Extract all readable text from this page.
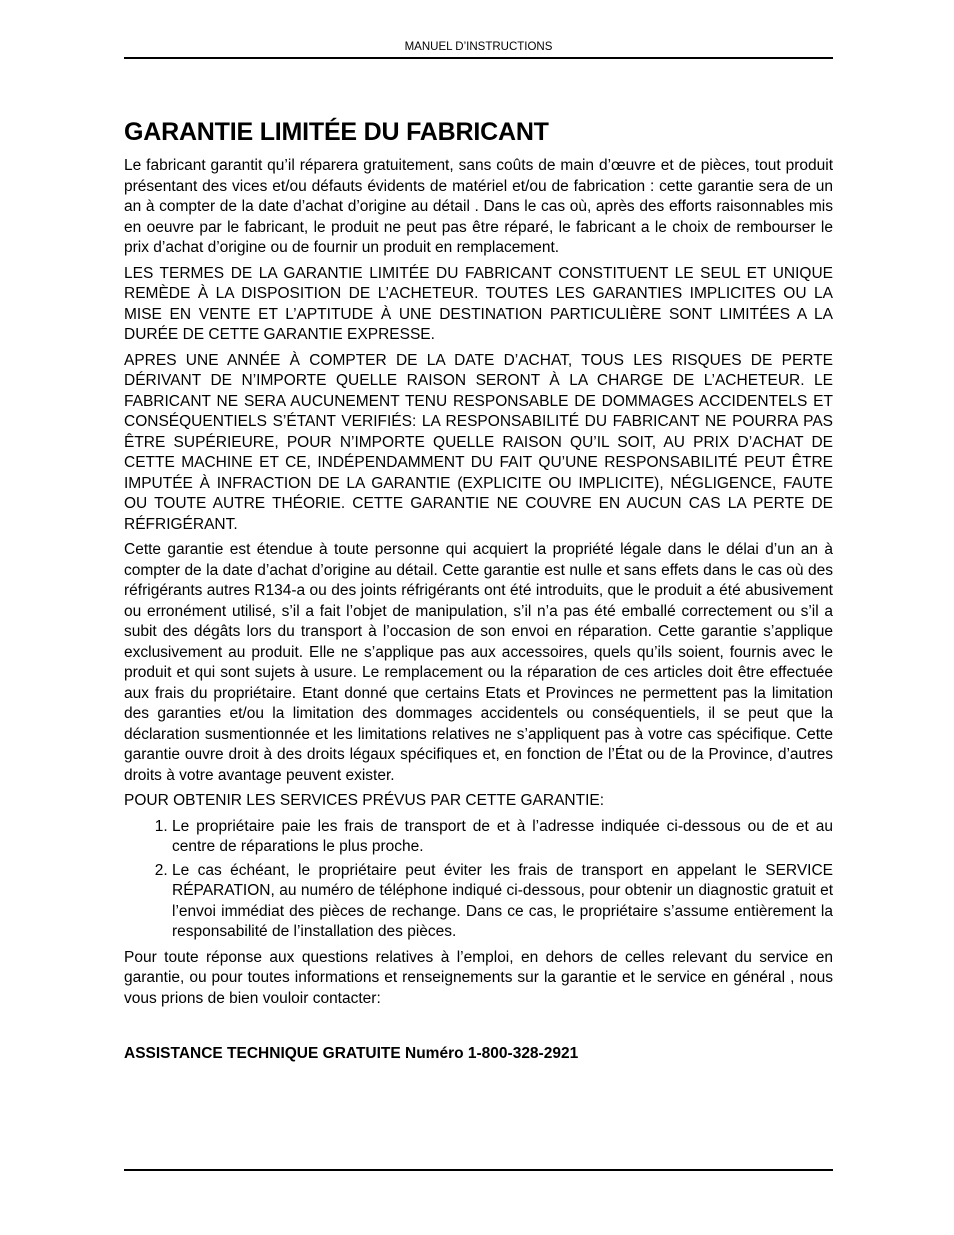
MANUEL D’INSTRUCTIONS
GARANTIE LIMITÉE DU FABRICANT

Le fabricant garantit qu’il réparera gratuitement, sans coûts de main d’œuvre et de pièces, tout produit présentant des vices et/ou défauts évidents de matériel et/ou de fabrication : cette garantie sera de un an à compter de la date d’achat d’origine au détail . Dans le cas où, après des efforts raisonnables mis en oeuvre par le fabricant, le produit ne peut pas être réparé, le fabricant a le choix de rembourser le prix d’achat d’origine ou de fournir un produit en remplacement.

LES TERMES DE LA GARANTIE LIMITÉE DU FABRICANT CONSTITUENT LE SEUL ET UNIQUE REMÈDE À LA DISPOSITION DE L’ACHETEUR. TOUTES LES GARANTIES IMPLICITES OU LA MISE EN VENTE ET L’APTITUDE À UNE DESTINATION PARTICULIÈRE SONT LIMITÉES A LA DURÉE DE CETTE GARANTIE EXPRESSE.

APRES UNE ANNÉE À COMPTER DE LA DATE D’ACHAT, TOUS LES RISQUES DE PERTE DÉRIVANT DE N’IMPORTE QUELLE RAISON SERONT À LA CHARGE DE L’ACHETEUR. LE FABRICANT NE SERA AUCUNEMENT TENU RESPONSABLE DE DOMMAGES ACCIDENTELS ET CONSÉQUENTIELS S’ÉTANT VERIFIÉS: LA RESPONSABILITÉ DU FABRICANT NE POURRA PAS ÊTRE SUPÉRIEURE, POUR N’IMPORTE QUELLE RAISON QU’IL SOIT, AU PRIX D’ACHAT DE CETTE MACHINE ET CE, INDÉPENDAMMENT DU FAIT QU’UNE RESPONSABILITÉ PEUT ÊTRE IMPUTÉE À INFRACTION DE LA GARANTIE (EXPLICITE OU IMPLICITE), NÉGLIGENCE, FAUTE OU TOUTE AUTRE THÉORIE. CETTE GARANTIE NE COUVRE EN AUCUN CAS LA PERTE DE RÉFRIGÉRANT.

Cette garantie est étendue à toute personne qui acquiert la propriété légale dans le délai d’un an à compter de la date d’achat d’origine au détail. Cette garantie est nulle et sans effets dans le cas où des réfrigérants autres R134-a ou des joints réfrigérants ont été introduits, que le produit a été abusivement ou erronément utilisé, s’il a fait l’objet de manipulation, s’il n’a pas été emballé correctement ou s’il a subit des dégâts lors du transport à l’occasion de son envoi en réparation. Cette garantie s’applique exclusivement au produit. Elle ne s’applique pas aux accessoires, quels qu’ils soient, fournis avec le produit et qui sont sujets à usure. Le remplacement ou la réparation de ces articles doit être effectuée aux frais du propriétaire. Etant donné que certains Etats et Provinces ne permettent pas la limitation des garanties et/ou la limitation des dommages accidentels ou conséquentiels, il se peut que la déclaration susmentionnée et les limitations relatives ne s’appliquent pas à votre cas spécifique. Cette garantie ouvre droit à des droits légaux spécifiques et, en fonction de l’État ou de la Province, d’autres droits à votre avantage peuvent exister.

POUR OBTENIR LES SERVICES PRÉVUS PAR CETTE GARANTIE:

1. Le propriétaire paie les frais de transport de et à l’adresse indiquée ci-dessous ou de et au centre de réparations le plus proche.
2. Le cas échéant, le propriétaire peut éviter les frais de transport en appelant le SERVICE RÉPARATION, au numéro de téléphone indiqué ci-dessous, pour obtenir un diagnostic gratuit et l’envoi immédiat des pièces de rechange. Dans ce cas, le propriétaire s’assume entièrement la responsabilité de l’installation des pièces.

Pour toute réponse aux questions relatives à l’emploi, en dehors de celles relevant du service en garantie, ou pour toutes informations et renseignements sur la garantie et le service en général , nous vous prions de bien vouloir contacter:

ASSISTANCE TECHNIQUE GRATUITE Numéro 1-800-328-2921
